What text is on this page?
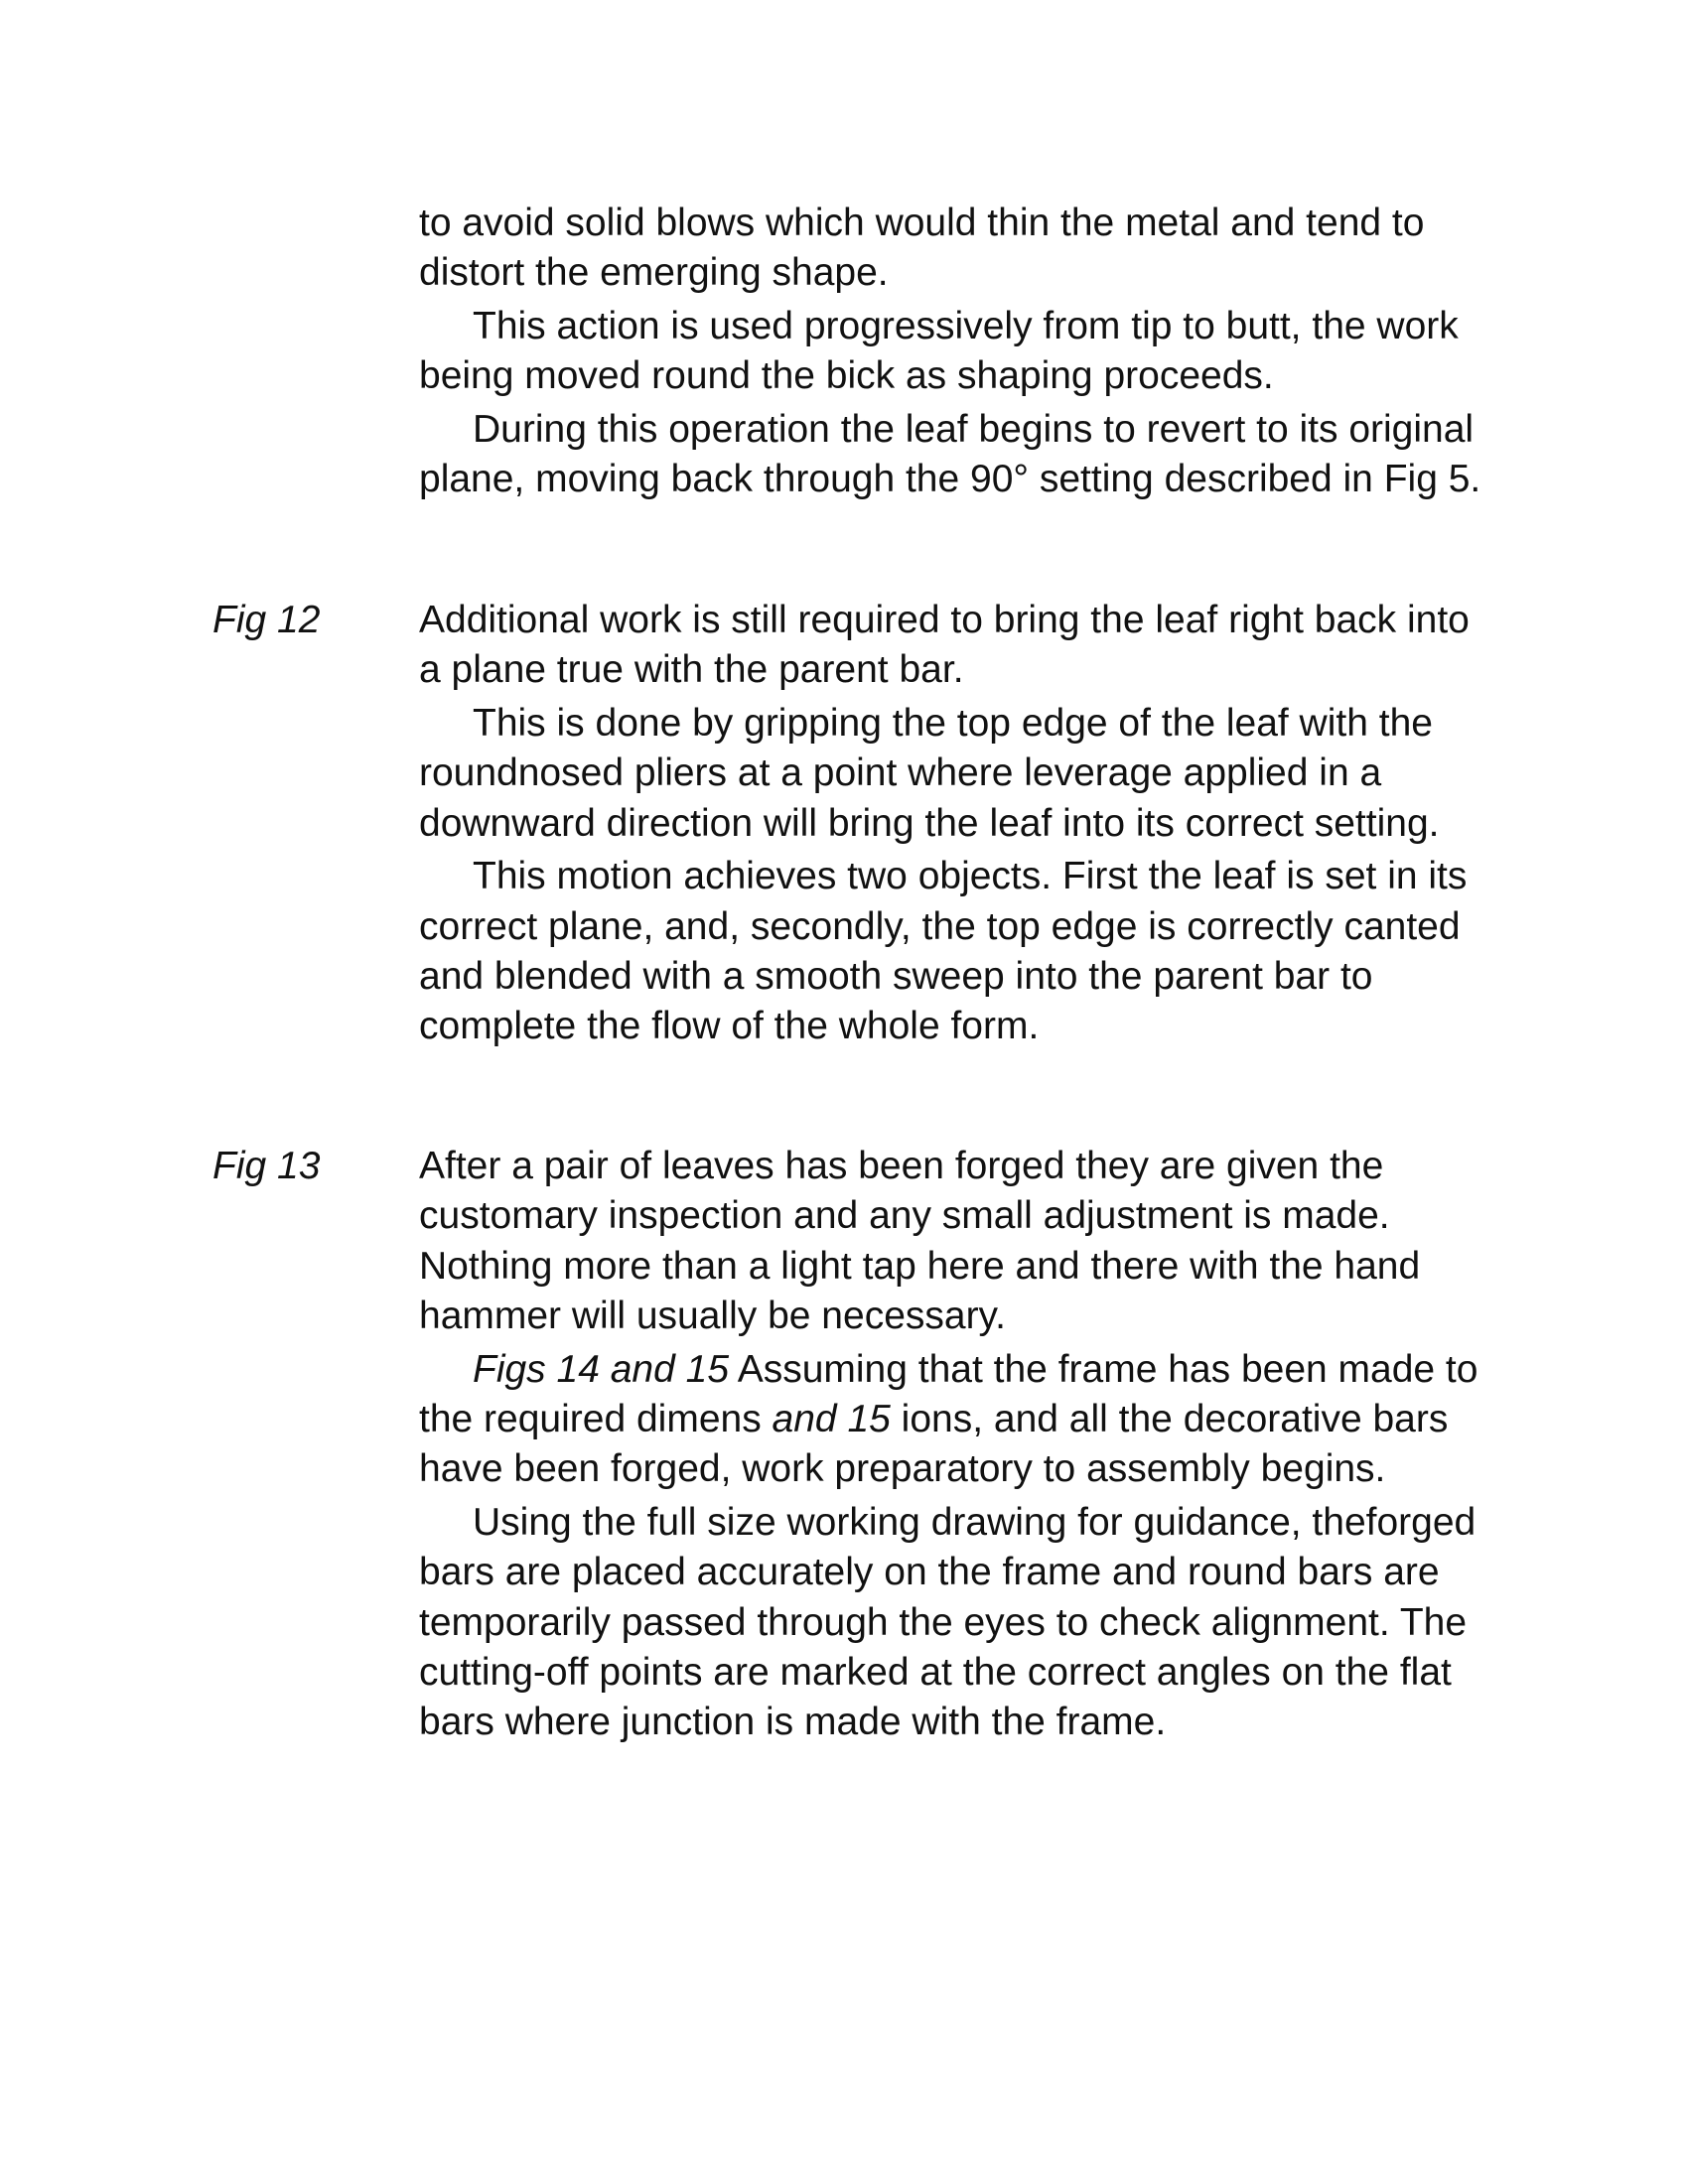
to avoid solid blows which would thin the metal and tend to distort the emerging shape.

This action is used progressively from tip to butt, the work being moved round the bick as shaping proceeds.

During this operation the leaf begins to revert to its original plane, moving back through the 90° setting described in Fig 5.

Fig 12	Additional work is still required to bring the leaf right back into a plane true with the parent bar.

This is done by gripping the top edge of the leaf with the roundnosed pliers at a point where leverage applied in a downward direction will bring the leaf into its correct setting.

This motion achieves two objects. First the leaf is set in its correct plane, and, secondly, the top edge is correctly canted and blended with a smooth sweep into the parent bar to complete the flow of the whole form.

Fig 13	After a pair of leaves has been forged they are given the customary inspection and any small adjustment is made. Nothing more than a light tap here and there with the hand hammer will usually be necessary.

Figs 14 and 15 Assuming that the frame has been made to the required dimens and 15 ions, and all the decorative bars have been forged, work preparatory to assembly begins.

Using the full size working drawing for guidance, theforged bars are placed accurately on the frame and round bars are temporarily passed through the eyes to check alignment. The cutting-off points are marked at the correct angles on the flat bars where junction is made with the frame.
